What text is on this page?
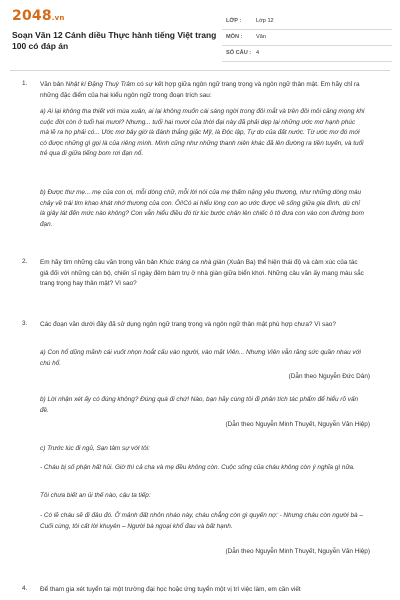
2048.vn
Soạn Văn 12 Cánh diều Thực hành tiếng Việt trang 100 có đáp án
LỚP :	Lớp 12
MÔN : Văn
SỐ CÂU : 4
1. Văn bản Nhật kí Đặng Thuỳ Trâm có sự kết hợp giữa ngôn ngữ trang trọng và ngôn ngữ thân mật. Em hãy chỉ ra những đặc điểm của hai kiểu ngôn ngữ trong đoạn trích sau:
a) Ai lại không tha thiết với mùa xuân, ai lại không muốn cái sáng ngời trong đôi mắt và trên đôi môi căng mọng khi cuộc đời còn ở tuổi hai mươi? Nhưng... tuổi hai mươi của thời đại này đã phải dẹp lại những ước mơ hạnh phúc mà lẽ ra họ phải có... Ước mơ bây giờ là đánh thắng giặc Mỹ, là Độc lập, Tự do của đất nước. Từ ước mơ đó mới có được những gì gọi là của riêng mình. Mình cũng như những thanh niên khác đã lên đường ra tiền tuyến, và tuổi trẻ qua đi giữa tiếng bom rơi đạn nổ.
b) Được thư mẹ... mẹ của con ơi, mỗi dòng chữ, mỗi lời nói của mẹ thấm nặng yêu thương, như những dòng máu chảy về trái tim khao khát nhớ thương của con. Ôi!Có ai hiểu lòng con ao ước được về sống giữa gia đình, dù chỉ là giây lát đến mức nào không? Con vẫn hiểu điều đó từ lúc bước chân lên chiếc ô tô đưa con vào con đường bom đạn.
2. Em hãy tìm những câu văn trong văn bản Khúc tráng ca nhà giàn (Xuân Ba) thể hiện thái độ và cảm xúc của tác giả đối với những cán bộ, chiến sĩ ngày đêm bám trụ ở nhà giàn giữa biển khơi. Những câu văn ấy mang màu sắc trang trọng hay thân mật? Vì sao?
3. Các đoạn văn dưới đây đã sử dụng ngôn ngữ trang trọng và ngôn ngữ thân mật phù hợp chưa? Vì sao?
a) Con hổ dũng mãnh cái vuốt nhọn hoắt cấu vào người, vào mặt Viên... Nhưng Viên vẫn răng sức quần nhau với chú hổ.
(Dẫn theo Nguyễn Đức Dân)
b) Lời nhận xét ấy có đúng không? Đúng quá đi chứ! Nào, bạn hãy cùng tôi đi phân tích tác phẩm để hiểu rõ vấn đề.
(Dẫn theo Nguyễn Minh Thuyết, Nguyễn Văn Hiệp)
c) Trước lúc đi ngủ, Sạn tâm sự với tôi:
- Cháu bị số phận hất hủi. Giờ thì cả cha và mẹ đều không còn. Cuộc sống của cháu không còn ý nghĩa gì nữa.
Tôi chưa biết an ủi thế nào, cậu ta tiếp:
- Có lẽ cháu sẽ đi đâu đó. Ở mảnh đất nhỏn nháo này, cháu chẳng còn gì quyến nợ: - Nhưng cháu còn người bà – Cuối cùng, tôi cất lời khuyên – Người bà ngoại khổ đau và bất hạnh.
(Dẫn theo Nguyễn Minh Thuyết, Nguyễn Văn Hiệp)
4. Để tham gia xét tuyển tại một trường đại học hoặc ứng tuyển một vị trí việc làm, em cần viết
